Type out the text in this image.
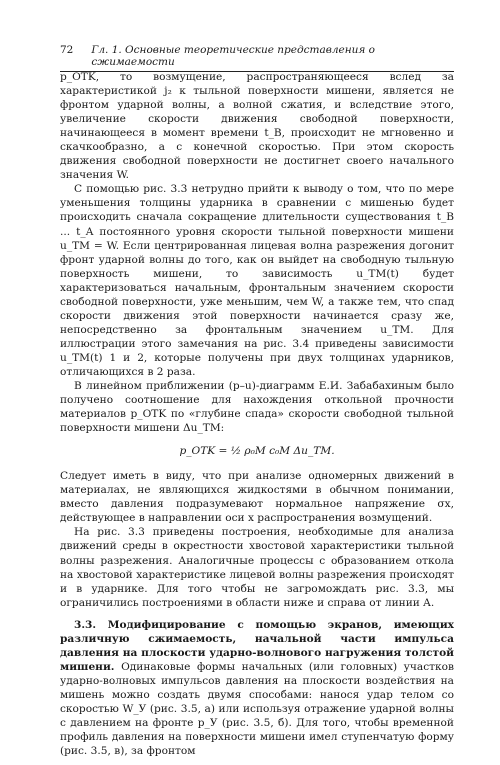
72 Гл. 1. Основные теоретические представления о сжимаемости

p_OTK, то возмущение, распространяющееся вслед за характеристикой j₂ к тыльной поверхности мишени, является не фронтом ударной волны, а волной сжатия, и вследствие этого, увеличение скорости движения свободной поверхности, начинающееся в момент времени t_B, происходит не мгновенно и скачкообразно, а с конечной скоростью. При этом скорость движения свободной поверхности не достигнет своего начального значения W.

С помощью рис. 3.3 нетрудно прийти к выводу о том, что по мере уменьшения толщины ударника в сравнении с мишенью будет происходить сначала сокращение длительности существования t_B ... t_A постоянного уровня скорости тыльной поверхности мишени u_TM = W. Если центрированная лицевая волна разрежения догонит фронт ударной волны до того, как он выйдет на свободную тыльную поверхность мишени, то зависимость u_TM(t) будет характеризоваться начальным, фронтальным значением скорости свободной поверхности, уже меньшим, чем W, а также тем, что спад скорости движения этой поверхности начинается сразу же, непосредственно за фронтальным значением u_TM. Для иллюстрации этого замечания на рис. 3.4 приведены зависимости u_TM(t) 1 и 2, которые получены при двух толщинах ударников, отличающихся в 2 раза.

В линейном приближении (p–u)-диаграмм Е.И. Забабахиным было получено соотношение для нахождения откольной прочности материалов p_OTK по «глубине спада» скорости свободной тыльной поверхности мишени Δu_TM:

p_OTK = ½ ρ₀M c₀M Δu_TM.

Следует иметь в виду, что при анализе одномерных движений в материалах, не являющихся жидкостями в обычном понимании, вместо давления подразумевают нормальное напряжение σx, действующее в направлении оси x распространения возмущений.

На рис. 3.3 приведены построения, необходимые для анализа движений среды в окрестности хвостовой характеристики тыльной волны разрежения. Аналогичные процессы с образованием откола на хвостовой характеристике лицевой волны разрежения происходят и в ударнике. Для того чтобы не загромождать рис. 3.3, мы ограничились построениями в области ниже и справа от линии A.

3.3. Модифицирование с помощью экранов, имеющих различную сжимаемость, начальной части импульса давления на плоскости ударно-волнового нагружения толстой мишени. Одинаковые формы начальных (или головных) участков ударно-волновых импульсов давления на плоскости воздействия на мишень можно создать двумя способами: нанося удар телом со скоростью W_У (рис. 3.5, а) или используя отражение ударной волны с давлением на фронте p_У (рис. 3.5, б). Для того, чтобы временной профиль давления на поверхности мишени имел ступенчатую форму (рис. 3.5, в), за фронтом
